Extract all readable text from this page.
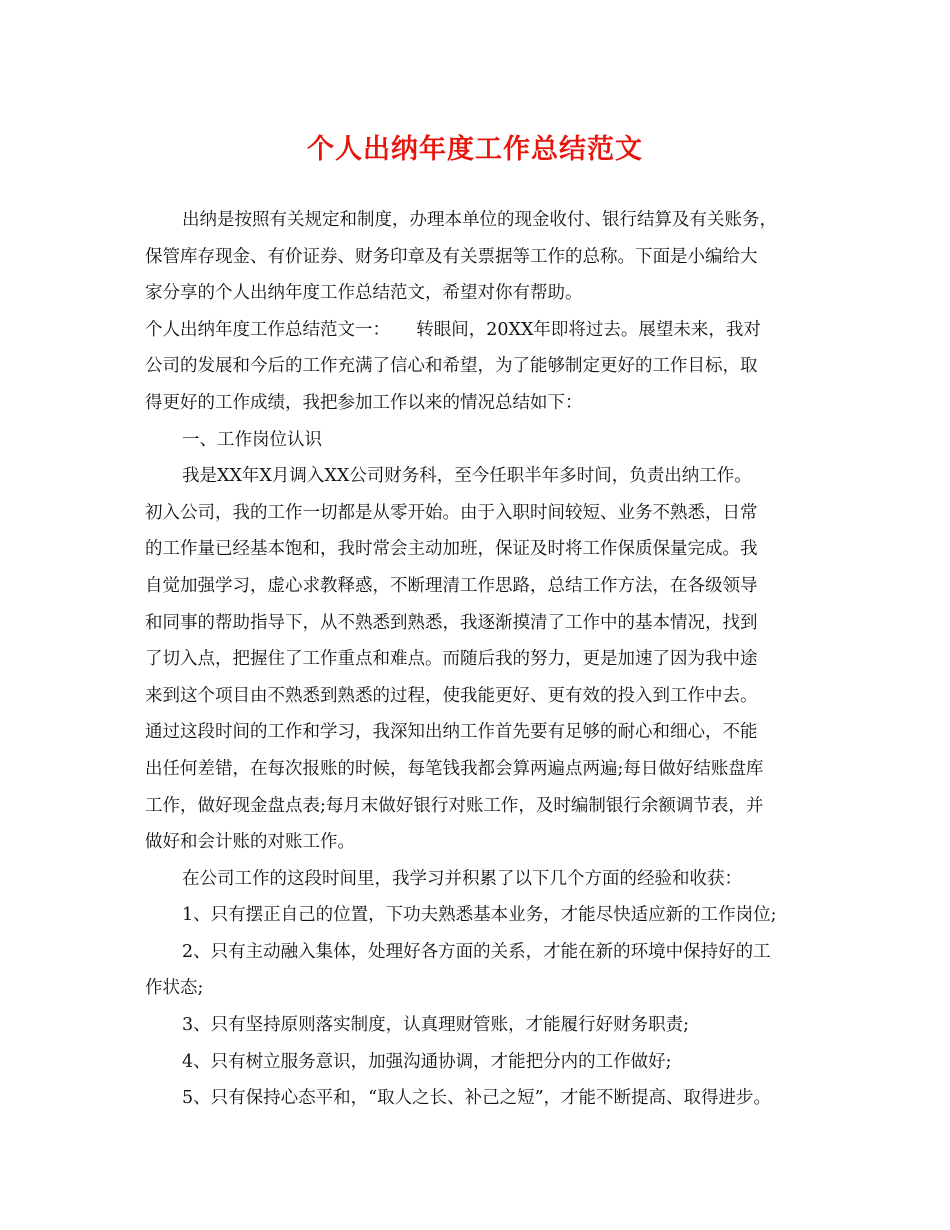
个人出纳年度工作总结范文

出纳是按照有关规定和制度，办理本单位的现金收付、银行结算及有关账务，

保管库存现金、有价证券、财务印章及有关票据等工作的总称。下面是小编给大

家分享的个人出纳年度工作总结范文，希望对你有帮助。

个人出纳年度工作总结范文一：　　转眼间，20XX年即将过去。展望未来，我对

公司的发展和今后的工作充满了信心和希望，为了能够制定更好的工作目标，取

得更好的工作成绩，我把参加工作以来的情况总结如下：

一、工作岗位认识

我是XX年X月调入XX公司财务科，至今任职半年多时间，负责出纳工作。

初入公司，我的工作一切都是从零开始。由于入职时间较短、业务不熟悉，日常

的工作量已经基本饱和，我时常会主动加班，保证及时将工作保质保量完成。我

自觉加强学习，虚心求教释惑，不断理清工作思路，总结工作方法，在各级领导

和同事的帮助指导下，从不熟悉到熟悉，我逐渐摸清了工作中的基本情况，找到

了切入点，把握住了工作重点和难点。而随后我的努力，更是加速了因为我中途

来到这个项目由不熟悉到熟悉的过程，使我能更好、更有效的投入到工作中去。

通过这段时间的工作和学习，我深知出纳工作首先要有足够的耐心和细心，不能

出任何差错，在每次报账的时候，每笔钱我都会算两遍点两遍;每日做好结账盘库

工作，做好现金盘点表;每月末做好银行对账工作，及时编制银行余额调节表，并

做好和会计账的对账工作。

在公司工作的这段时间里，我学习并积累了以下几个方面的经验和收获：

1、只有摆正自己的位置，下功夫熟悉基本业务，才能尽快适应新的工作岗位;

2、只有主动融入集体，处理好各方面的关系，才能在新的环境中保持好的工

作状态;

3、只有坚持原则落实制度，认真理财管账，才能履行好财务职责;

4、只有树立服务意识，加强沟通协调，才能把分内的工作做好;

5、只有保持心态平和，“取人之长、补己之短”，才能不断提高、取得进步。
